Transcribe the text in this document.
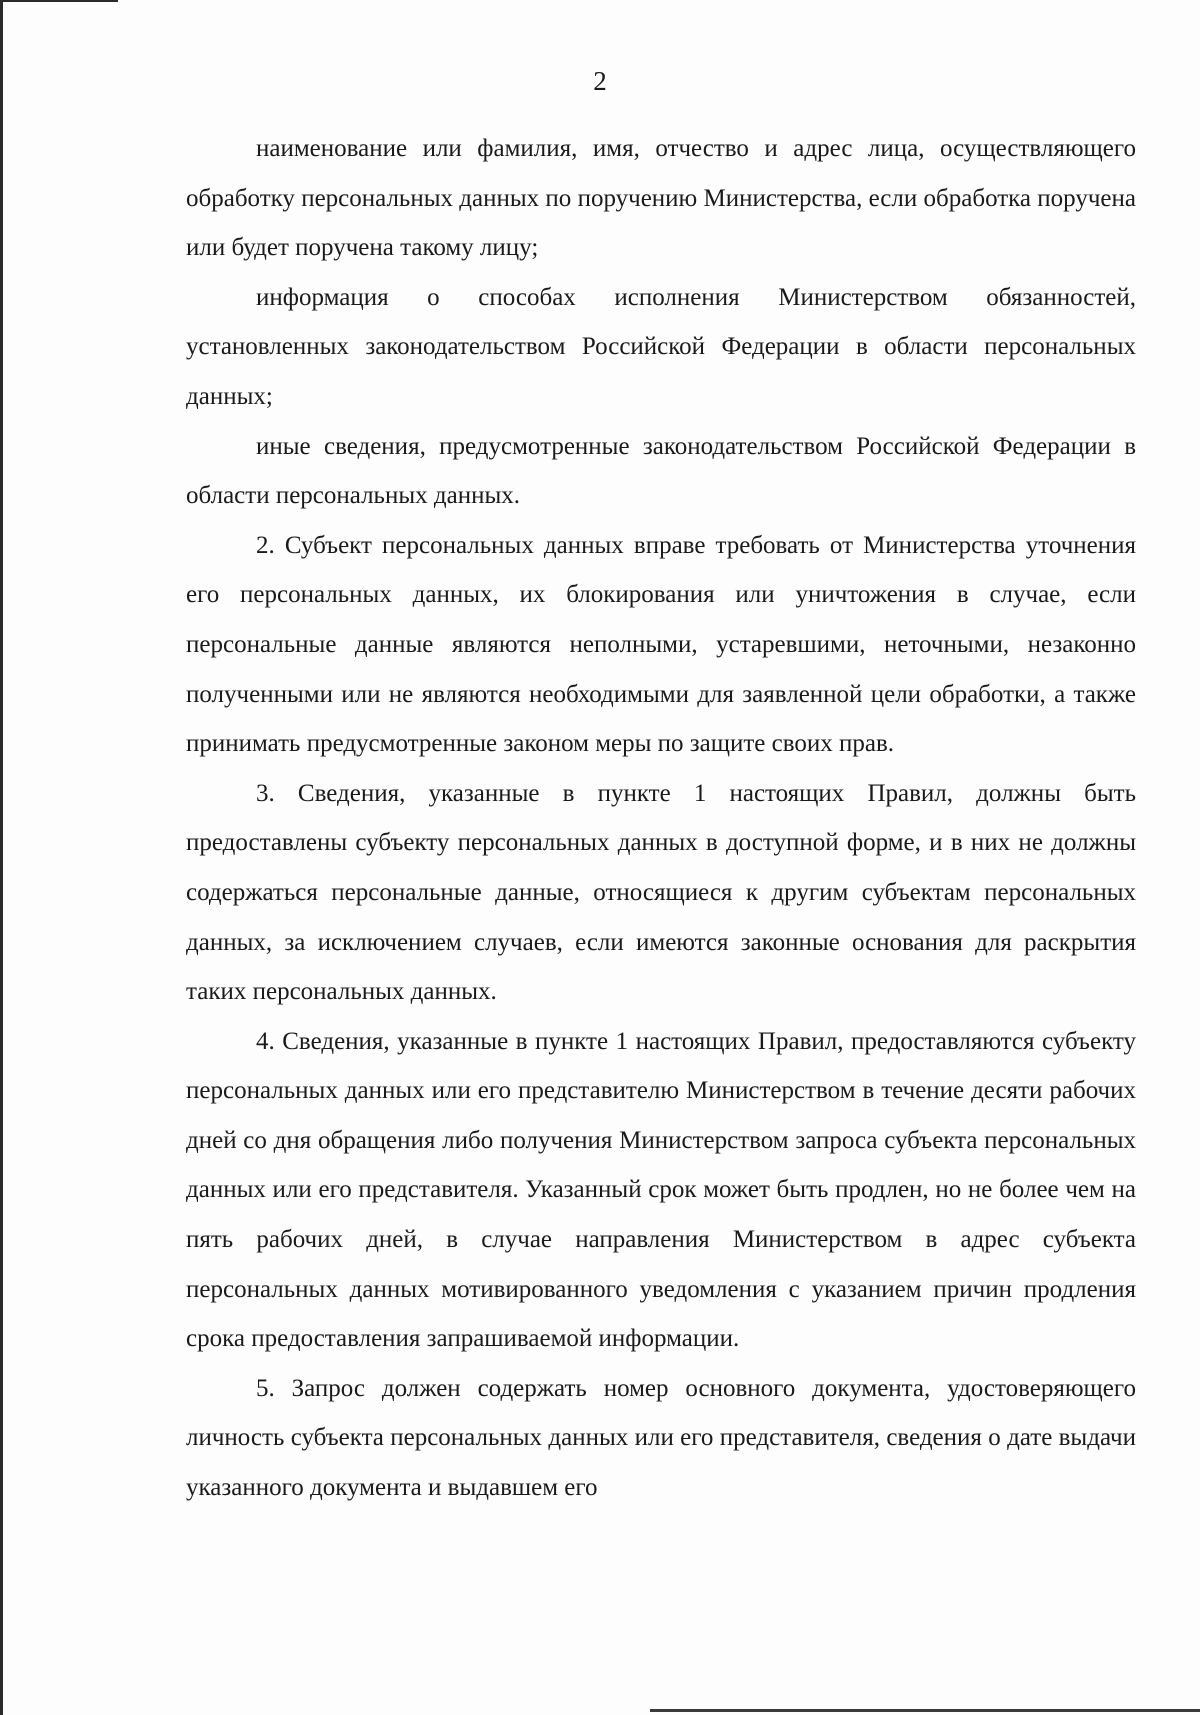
2

наименование или фамилия, имя, отчество и адрес лица, осуществляющего обработку персональных данных по поручению Министерства, если обработка поручена или будет поручена такому лицу;

информация о способах исполнения Министерством обязанностей, установленных законодательством Российской Федерации в области персональных данных;

иные сведения, предусмотренные законодательством Российской Федерации в области персональных данных.

2. Субъект персональных данных вправе требовать от Министерства уточнения его персональных данных, их блокирования или уничтожения в случае, если персональные данные являются неполными, устаревшими, неточными, незаконно полученными или не являются необходимыми для заявленной цели обработки, а также принимать предусмотренные законом меры по защите своих прав.

3. Сведения, указанные в пункте 1 настоящих Правил, должны быть предоставлены субъекту персональных данных в доступной форме, и в них не должны содержаться персональные данные, относящиеся к другим субъектам персональных данных, за исключением случаев, если имеются законные основания для раскрытия таких персональных данных.

4. Сведения, указанные в пункте 1 настоящих Правил, предоставляются субъекту персональных данных или его представителю Министерством в течение десяти рабочих дней со дня обращения либо получения Министерством запроса субъекта персональных данных или его представителя. Указанный срок может быть продлен, но не более чем на пять рабочих дней, в случае направления Министерством в адрес субъекта персональных данных мотивированного уведомления с указанием причин продления срока предоставления запрашиваемой информации.

5. Запрос должен содержать номер основного документа, удостоверяющего личность субъекта персональных данных или его представителя, сведения о дате выдачи указанного документа и выдавшем его
